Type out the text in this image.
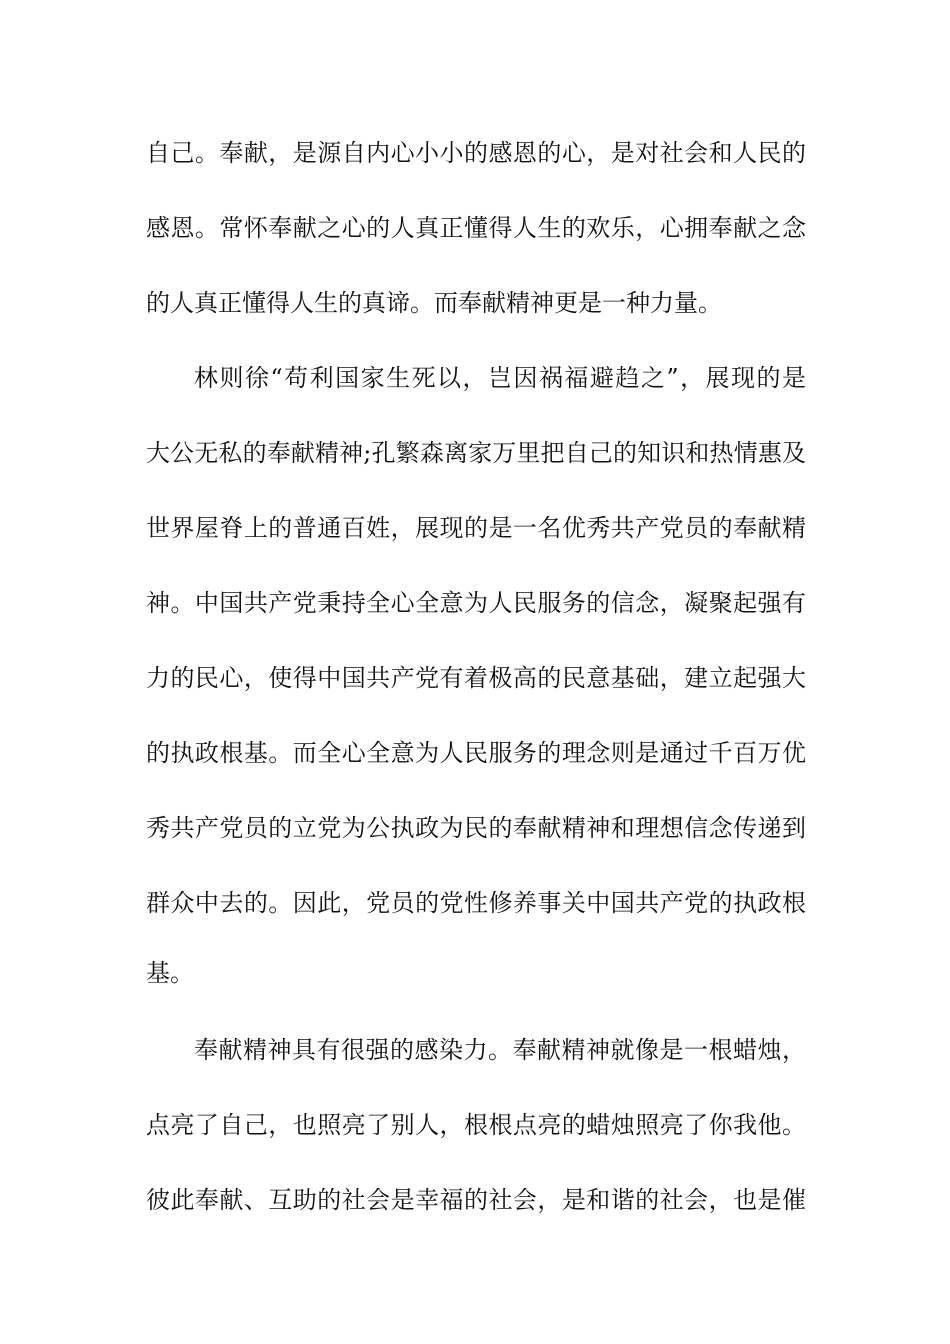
自己。奉献，是源自内心小小的感恩的心，是对社会和人民的

感恩。常怀奉献之心的人真正懂得人生的欢乐，心拥奉献之念

的人真正懂得人生的真谛。而奉献精神更是一种力量。

林则徐“苟利国家生死以，岂因祸福避趋之”，展现的是

大公无私的奉献精神;孔繁森离家万里把自己的知识和热情惠及

世界屋脊上的普通百姓，展现的是一名优秀共产党员的奉献精

神。中国共产党秉持全心全意为人民服务的信念，凝聚起强有

力的民心，使得中国共产党有着极高的民意基础，建立起强大

的执政根基。而全心全意为人民服务的理念则是通过千百万优

秀共产党员的立党为公执政为民的奉献精神和理想信念传递到

群众中去的。因此，党员的党性修养事关中国共产党的执政根

基。

奉献精神具有很强的感染力。奉献精神就像是一根蜡烛，

点亮了自己，也照亮了别人，根根点亮的蜡烛照亮了你我他。

彼此奉献、互助的社会是幸福的社会，是和谐的社会，也是催
